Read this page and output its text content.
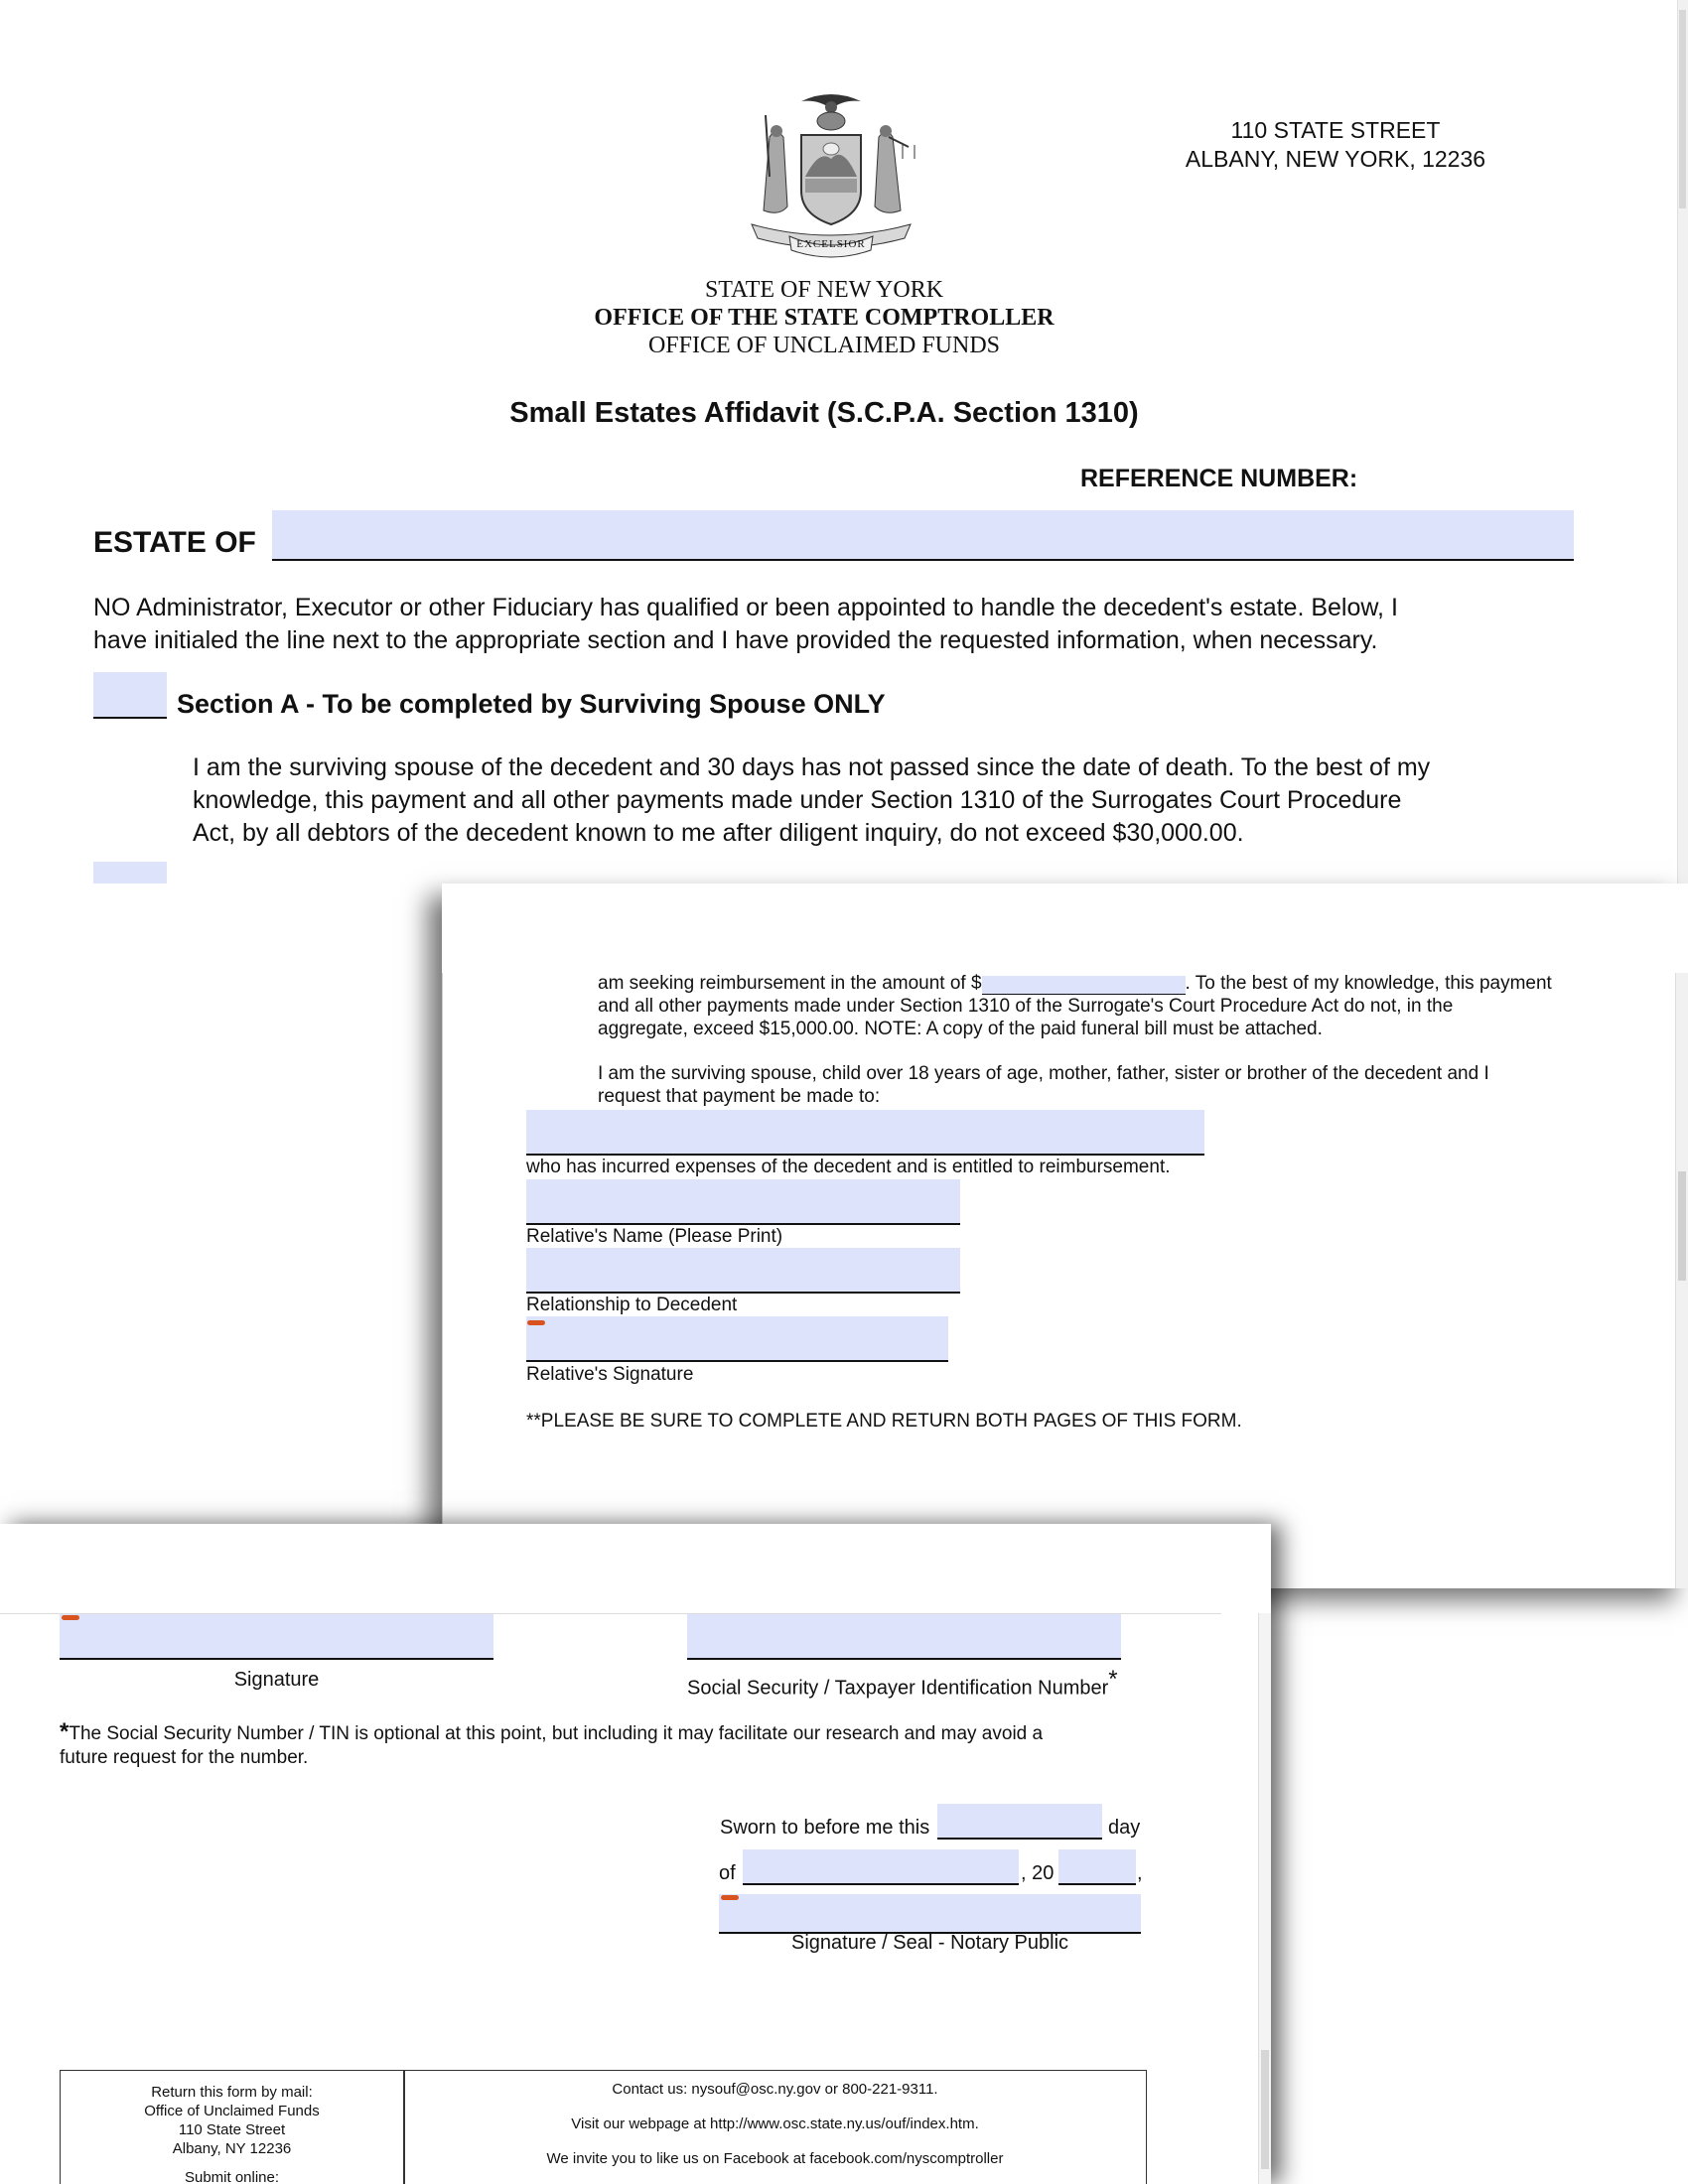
EXCELSIOR
110 STATE STREET
ALBANY, NEW YORK, 12236
STATE OF NEW YORK
OFFICE OF THE STATE COMPTROLLER
OFFICE OF UNCLAIMED FUNDS
Small Estates Affidavit (S.C.P.A. Section 1310)
REFERENCE NUMBER:
ESTATE OF
NO Administrator, Executor or other Fiduciary has qualified or been appointed to handle the decedent's estate. Below, I
have initialed the line next to the appropriate section and I have provided the requested information, when necessary.
Section A - To be completed by Surviving Spouse ONLY
I am the surviving spouse of the decedent and 30 days has not passed since the date of death. To the best of my
knowledge, this payment and all other payments made under Section 1310 of the Surrogates Court Procedure
Act, by all debtors of the decedent known to me after diligent inquiry, do not exceed $30,000.00.
am seeking reimbursement in the amount of $	. To the best of my knowledge, this payment
and all other payments made under Section 1310 of the Surrogate's Court Procedure Act do not, in the
aggregate, exceed $15,000.00. NOTE: A copy of the paid funeral bill must be attached.
I am the surviving spouse, child over 18 years of age, mother, father, sister or brother of the decedent and I
request that payment be made to:
who has incurred expenses of the decedent and is entitled to reimbursement.
Relative's Name (Please Print)
Relationship to Decedent
Relative's Signature
**PLEASE BE SURE TO COMPLETE AND RETURN BOTH PAGES OF THIS FORM.
Signature	Social Security / Taxpayer Identification Number*
*The Social Security Number / TIN is optional at this point, but including it may facilitate our research and may avoid a
future request for the number.
Sworn to before me this	day
of	, 20	,
Signature / Seal - Notary Public
Return this form by mail:
Office of Unclaimed Funds
110 State Street
Albany, NY 12236
Submit online:
Contact us: nysouf@osc.ny.gov or 800-221-9311.
Visit our webpage at http://www.osc.state.ny.us/ouf/index.htm.
We invite you to like us on Facebook at facebook.com/nyscomptroller
